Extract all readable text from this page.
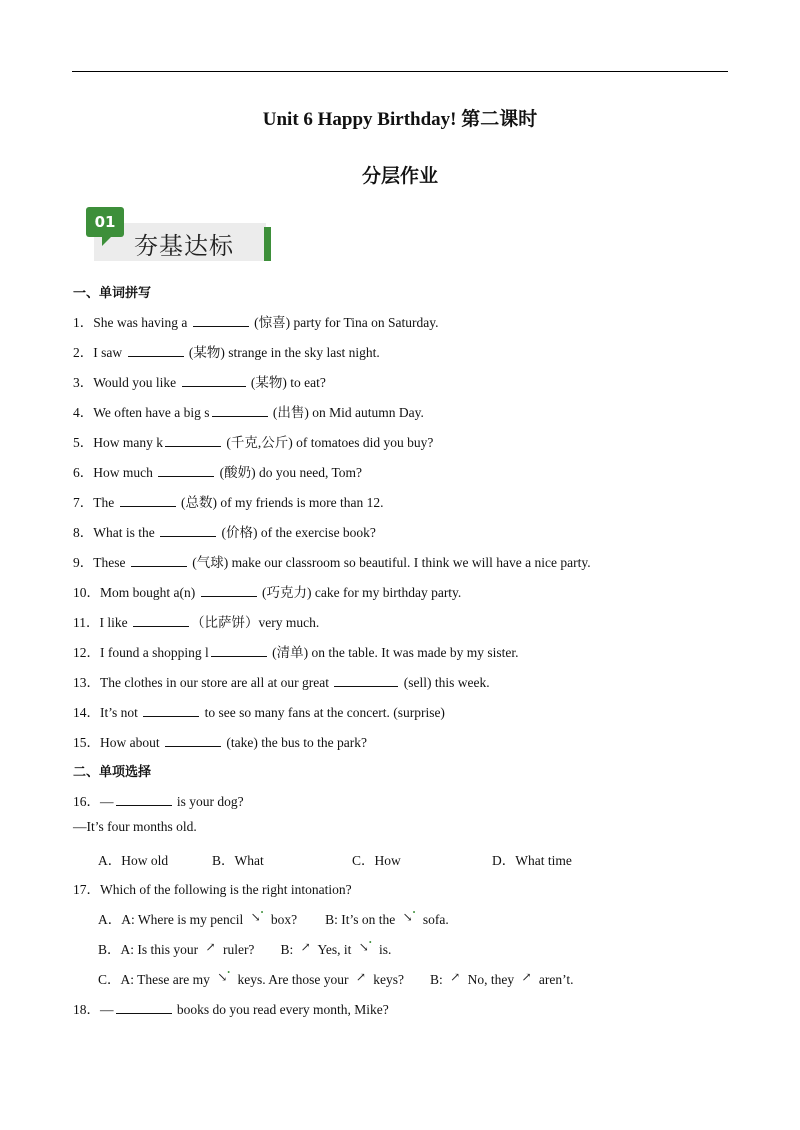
Unit 6 Happy Birthday! 第二课时
分层作业
01
夯基达标
一、单词拼写
1．She was having a	(惊喜) party for Tina on Saturday.
2．I saw	(某物) strange in the sky last night.
3．Would you like	(某物) to eat?
4．We often have a big s	(出售) on Mid autumn Day.
5．How many k	(千克,公斤) of tomatoes did you buy?
6．How much	(酸奶) do you need, Tom?
7．The	(总数) of my friends is more than 12.
8．What is the	(价格) of the exercise book?
9．These	(气球) make our classroom so beautiful. I think we will have a nice party.
10．Mom bought a(n)	(巧克力) cake for my birthday party.
11．I like	（比萨饼）very much.
12．I found a shopping l	(清单) on the table. It was made by my sister.
13．The clothes in our store are all at our great	(sell) this week.
14．It’s not	to see so many fans at the concert. (surprise)
15．How about	(take) the bus to the park?
二、单项选择
16．—	is your dog?
—It’s four months old.
A．How old	B．What	C．How	D．What time
17．Which of the following is the right intonation?
A．A: Where is my pencil ↘• box? B: It’s on the ↘• sofa.
B．A: Is this your ↗ ruler? B: ↗ Yes, it ↘• is.
C．A: These are my ↘• keys. Are those your ↗ keys? B: ↗ No, they ↗ aren’t.
18．—	books do you read every month, Mike?
